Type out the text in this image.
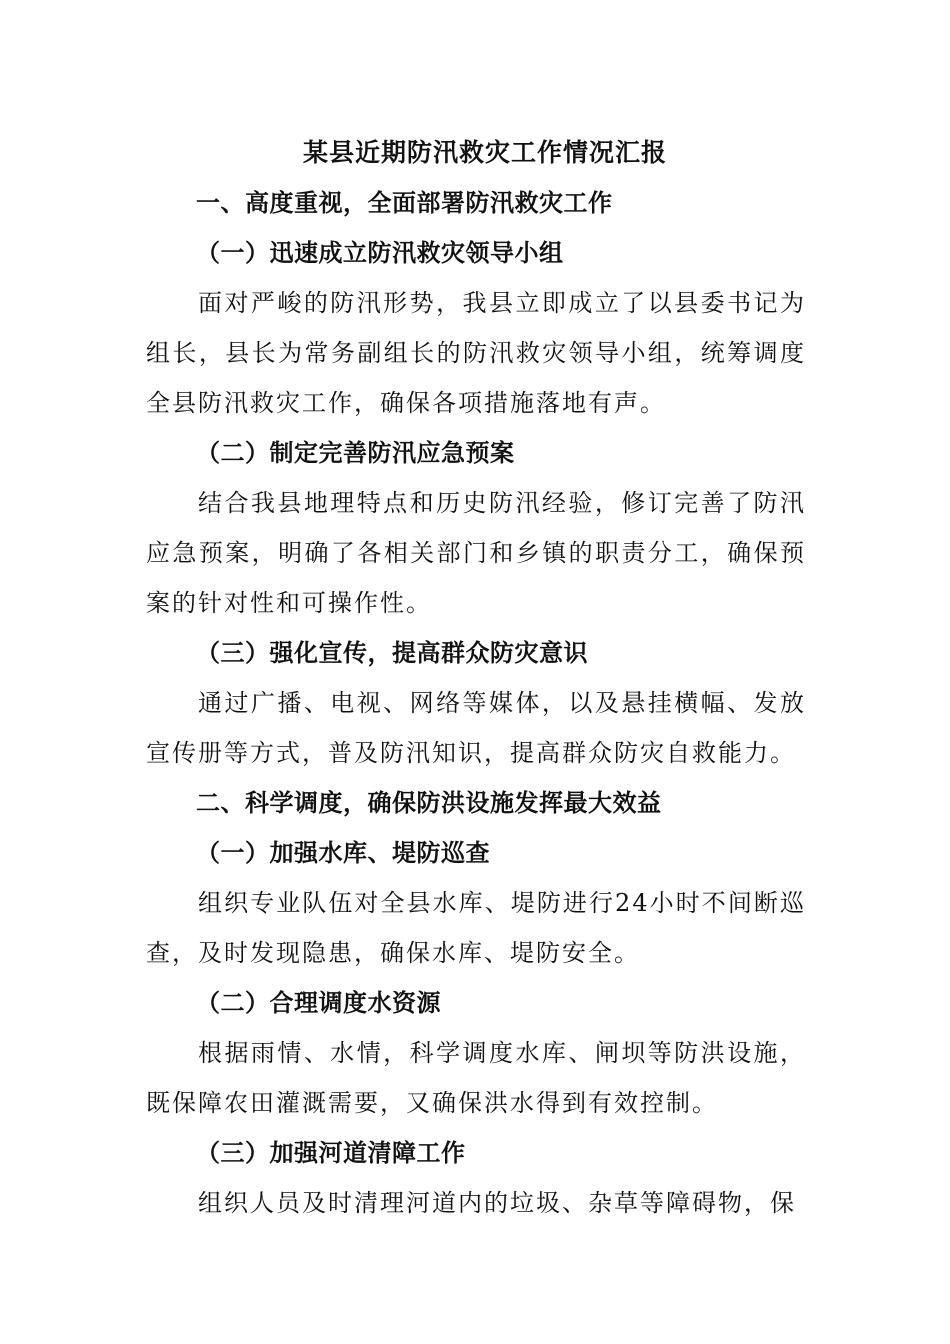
某县近期防汛救灾工作情况汇报

一、高度重视，全面部署防汛救灾工作

（一）迅速成立防汛救灾领导小组

面对严峻的防汛形势，我县立即成立了以县委书记为组长，县长为常务副组长的防汛救灾领导小组，统筹调度全县防汛救灾工作，确保各项措施落地有声。

（二）制定完善防汛应急预案

结合我县地理特点和历史防汛经验，修订完善了防汛应急预案，明确了各相关部门和乡镇的职责分工，确保预案的针对性和可操作性。

（三）强化宣传，提高群众防灾意识

通过广播、电视、网络等媒体，以及悬挂横幅、发放宣传册等方式，普及防汛知识，提高群众防灾自救能力。

二、科学调度，确保防洪设施发挥最大效益

（一）加强水库、堤防巡查

组织专业队伍对全县水库、堤防进行24小时不间断巡查，及时发现隐患，确保水库、堤防安全。

（二）合理调度水资源

根据雨情、水情，科学调度水库、闸坝等防洪设施，既保障农田灌溉需要，又确保洪水得到有效控制。

（三）加强河道清障工作

组织人员及时清理河道内的垃圾、杂草等障碍物，保
